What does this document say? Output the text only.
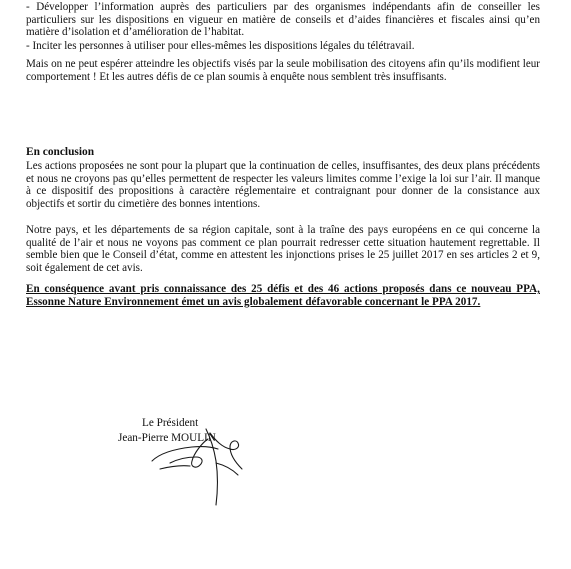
- Développer l’information auprès des particuliers par des organismes indépendants afin de conseiller les particuliers sur les dispositions en vigueur en matière de conseils et d’aides financières et fiscales ainsi qu’en matière d’isolation et d’amélioration de l’habitat.

- Inciter les personnes à utiliser pour elles-mêmes les dispositions légales du télétravail.

Mais on ne peut espérer atteindre les objectifs visés par la seule mobilisation des citoyens afin qu’ils modifient leur comportement ! Et les autres défis de ce plan soumis à enquête nous semblent très insuffisants.

En conclusion

Les actions proposées ne sont pour la plupart que la continuation de celles, insuffisantes, des deux plans précédents et nous ne croyons pas qu’elles permettent de respecter les valeurs limites comme l’exige la loi sur l’air. Il manque à ce dispositif des propositions à caractère réglementaire et contraignant pour donner de la consistance aux objectifs et sortir du cimetière des bonnes intentions.

Notre pays, et les départements de sa région capitale, sont à la traîne des pays européens en ce qui concerne la qualité de l’air et nous ne voyons pas comment ce plan pourrait redresser cette situation hautement regrettable. Il semble bien que le Conseil d’état, comme en attestent les injonctions prises le 25 juillet 2017 en ses articles 2 et 9, soit également de cet avis.

En conséquence avant pris connaissance des 25 défis et des 46 actions proposés dans ce nouveau PPA, Essonne Nature Environnement émet un avis globalement défavorable concernant le PPA 2017.

Le Président
Jean-Pierre MOULIN
